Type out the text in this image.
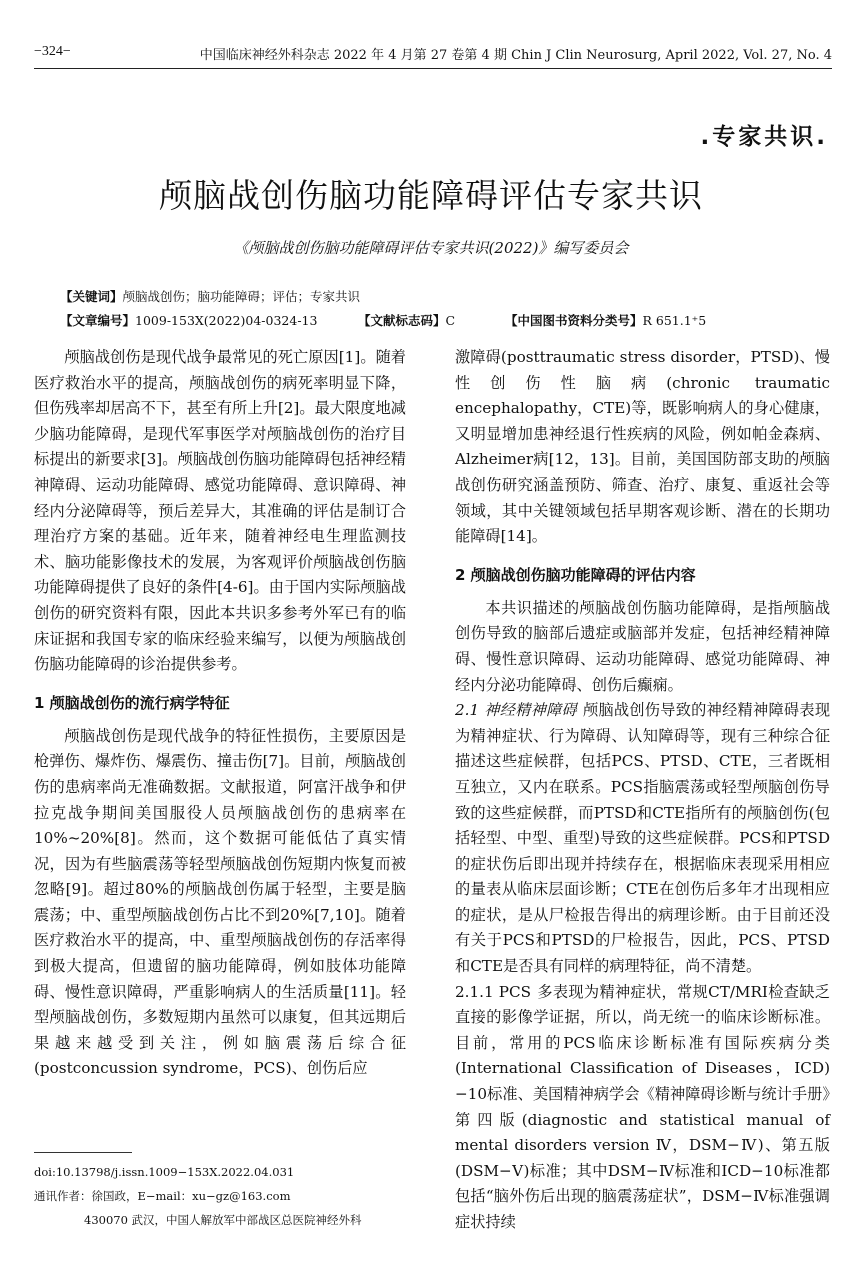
−324−	中国临床神经外科杂志 2022 年 4 月第 27 卷第 4 期 Chin J Clin Neurosurg, April 2022, Vol. 27, No. 4
.专家共识.
颅脑战创伤脑功能障碍评估专家共识
《颅脑战创伤脑功能障碍评估专家共识(2022)》编写委员会
【关键词】颅脑战创伤；脑功能障碍；评估；专家共识
【文章编号】1009-153X(2022)04-0324-13	【文献标志码】C	【中国图书资料分类号】R 651.1⁺5

颅脑战创伤是现代战争最常见的死亡原因[1]。随着医疗救治水平的提高，颅脑战创伤的病死率明显下降，但伤残率却居高不下，甚至有所上升[2]。最大限度地减少脑功能障碍，是现代军事医学对颅脑战创伤的治疗目标提出的新要求[3]。颅脑战创伤脑功能障碍包括神经精神障碍、运动功能障碍、感觉功能障碍、意识障碍、神经内分泌障碍等，预后差异大，其准确的评估是制订合理治疗方案的基础。近年来，随着神经电生理监测技术、脑功能影像技术的发展，为客观评价颅脑战创伤脑功能障碍提供了良好的条件[4-6]。由于国内实际颅脑战创伤的研究资料有限，因此本共识多参考外军已有的临床证据和我国专家的临床经验来编写，以便为颅脑战创伤脑功能障碍的诊治提供参考。

1 颅脑战创伤的流行病学特征

颅脑战创伤是现代战争的特征性损伤，主要原因是枪弹伤、爆炸伤、爆震伤、撞击伤[7]。目前，颅脑战创伤的患病率尚无准确数据。文献报道，阿富汗战争和伊拉克战争期间美国服役人员颅脑战创伤的患病率在10%~20%[8]。然而，这个数据可能低估了真实情况，因为有些脑震荡等轻型颅脑战创伤短期内恢复而被忽略[9]。超过80%的颅脑战创伤属于轻型，主要是脑震荡；中、重型颅脑战创伤占比不到20%[7,10]。随着医疗救治水平的提高，中、重型颅脑战创伤的存活率得到极大提高，但遗留的脑功能障碍，例如肢体功能障碍、慢性意识障碍，严重影响病人的生活质量[11]。轻型颅脑战创伤，多数短期内虽然可以康复，但其远期后果越来越受到关注，例如脑震荡后综合征(postconcussion syndrome，PCS)、创伤后应

激障碍(posttraumatic stress disorder，PTSD)、慢性创伤性脑病(chronic traumatic encephalopathy，CTE)等，既影响病人的身心健康，又明显增加患神经退行性疾病的风险，例如帕金森病、Alzheimer病[12，13]。目前，美国国防部支助的颅脑战创伤研究涵盖预防、筛查、治疗、康复、重返社会等领域，其中关键领域包括早期客观诊断、潜在的长期功能障碍[14]。

2 颅脑战创伤脑功能障碍的评估内容

本共识描述的颅脑战创伤脑功能障碍，是指颅脑战创伤导致的脑部后遗症或脑部并发症，包括神经精神障碍、慢性意识障碍、运动功能障碍、感觉功能障碍、神经内分泌功能障碍、创伤后癫痫。

2.1 神经精神障碍 颅脑战创伤导致的神经精神障碍表现为精神症状、行为障碍、认知障碍等，现有三种综合征描述这些症候群，包括PCS、PTSD、CTE，三者既相互独立，又内在联系。PCS指脑震荡或轻型颅脑创伤导致的这些症候群，而PTSD和CTE指所有的颅脑创伤(包括轻型、中型、重型)导致的这些症候群。PCS和PTSD的症状伤后即出现并持续存在，根据临床表现采用相应的量表从临床层面诊断；CTE在创伤后多年才出现相应的症状，是从尸检报告得出的病理诊断。由于目前还没有关于PCS和PTSD的尸检报告，因此，PCS、PTSD和CTE是否具有同样的病理特征，尚不清楚。

2.1.1 PCS 多表现为精神症状，常规CT/MRI检查缺乏直接的影像学证据，所以，尚无统一的临床诊断标准。目前，常用的PCS临床诊断标准有国际疾病分类(International Classification of Diseases，ICD)−10标准、美国精神病学会《精神障碍诊断与统计手册》第四版(diagnostic and statistical manual of mental disorders version Ⅳ，DSM−Ⅳ)、第五版(DSM−Ⅴ)标准；其中DSM−Ⅳ标准和ICD−10标准都包括“脑外伤后出现的脑震荡症状”，DSM−Ⅳ标准强调症状持续

doi:10.13798/j.issn.1009−153X.2022.04.031
通讯作者：徐国政，E−mail：xu−gz@163.com
430070 武汉，中国人解放军中部战区总医院神经外科
